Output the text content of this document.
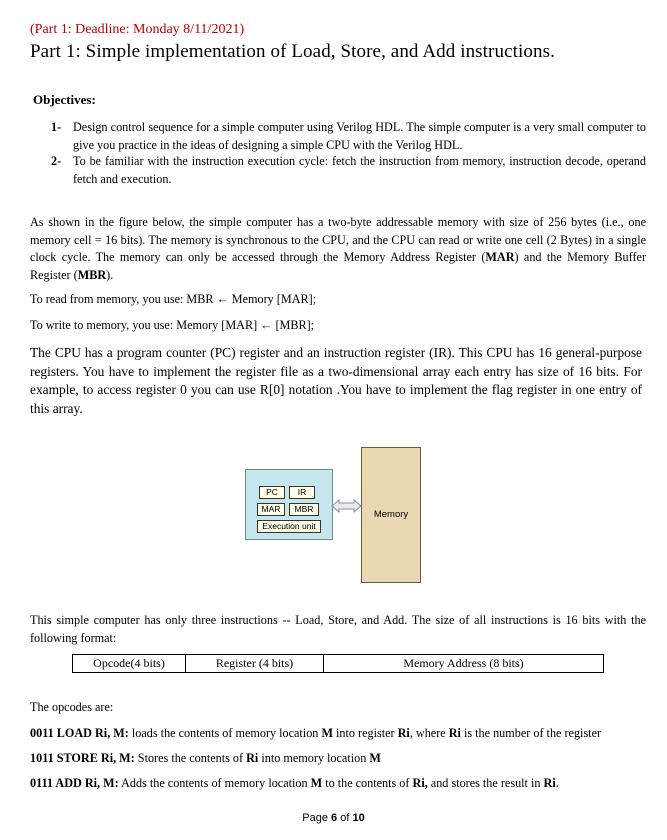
(Part 1: Deadline: Monday 8/11/2021)
Part 1: Simple implementation of Load, Store, and Add instructions.
Objectives:
1- Design control sequence for a simple computer using Verilog HDL. The simple computer is a very small computer to give you practice in the ideas of designing a simple CPU with the Verilog HDL.
2- To be familiar with the instruction execution cycle: fetch the instruction from memory, instruction decode, operand fetch and execution.
As shown in the figure below, the simple computer has a two-byte addressable memory with size of 256 bytes (i.e., one memory cell = 16 bits). The memory is synchronous to the CPU, and the CPU can read or write one cell (2 Bytes) in a single clock cycle. The memory can only be accessed through the Memory Address Register (MAR) and the Memory Buffer Register (MBR).
To read from memory, you use: MBR ← Memory [MAR];
To write to memory, you use: Memory [MAR] ← [MBR];
The CPU has a program counter (PC) register and an instruction register (IR). This CPU has 16 general-purpose registers. You have to implement the register file as a two-dimensional array each entry has size of 16 bits. For example, to access register 0 you can use R[0] notation .You have to implement the flag register in one entry of this array.
PC	IR
MAR	MBR
Execution unit
Memory
This simple computer has only three instructions -- Load, Store, and Add. The size of all instructions is 16 bits with the following format:
Opcode(4 bits)	Register (4 bits)	Memory Address (8 bits)
The opcodes are:
0011 LOAD Ri, M: loads the contents of memory location M into register Ri, where Ri is the number of the register
1011 STORE Ri, M: Stores the contents of Ri into memory location M
0111 ADD Ri, M: Adds the contents of memory location M to the contents of Ri, and stores the result in Ri.
Page 6 of 10
